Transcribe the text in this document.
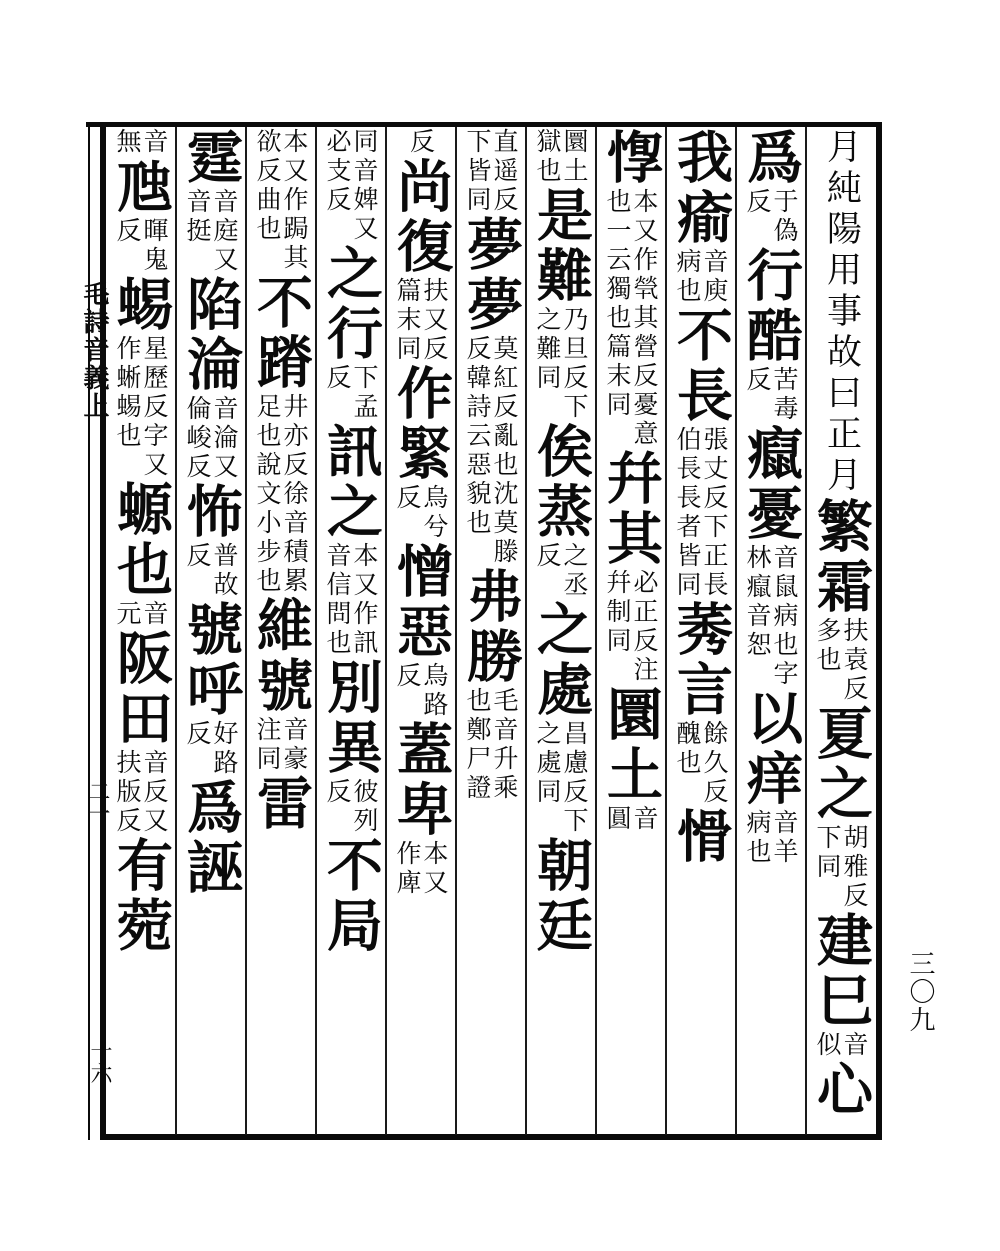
毛詩音義上
二一
十六
三〇九
月純陽用事故曰正月
繁霜
扶袁反
多也
夏之
胡雅反
下同
建巳
音
似
心
爲
于偽
反
行酷
苦毒
反
癙憂
音鼠病也字
林癙音恕
以痒
音羊
病也
我瘉
音庾
病也
不長
張丈反下正長
伯長長者皆同
莠言
餘久反
醜也
愲
惸
本又作煢其營反憂意
也一云獨也篇末同
幷其
必正反注
幷制同
圜土
音
圓
圜土
獄也
是難
乃旦反下
之難同
俟蒸
之丞
反
之處
昌慮反下
之處同
朝廷
直遥反
下皆同
夢夢
莫紅反亂也沈莫滕
反韓詩云惡貌也
弗勝
毛音升乘
也鄭尸證
反
尚復
扶又反
篇末同
作緊
烏兮
反
憎惡
烏路
反
蓋卑
本又
作庳
同音婢又
必支反
之行
下孟
反
訊之
本又作訊
音信問也
別異
彼列
反
不局
本又作跼其
欲反曲也
不蹐
井亦反徐音積累
足也說文小步也
維號
音豪
注同
雷
霆
音庭又
音挺
陷淪
音淪又
倫峻反
怖
普故
反
號呼
好路
反
爲誣
音
無
虺
暉鬼
反
蜴
星歷反字又
作蜥蜴也
螈也
音
元
阪田
音反又
扶版反
有菀
